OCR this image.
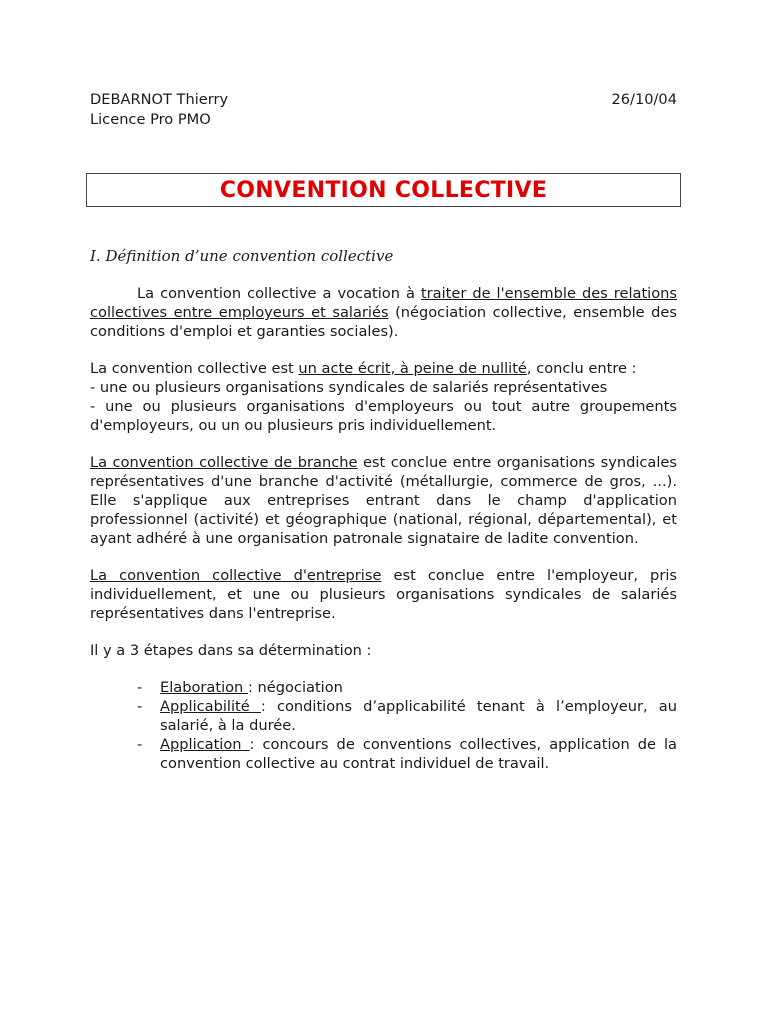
DEBARNOT Thierry
Licence Pro PMO
26/10/04
CONVENTION COLLECTIVE
I. Définition d’une convention collective

La convention collective a vocation à traiter de l'ensemble des relations collectives entre employeurs et salariés (négociation collective, ensemble des conditions d'emploi et garanties sociales).

La convention collective est un acte écrit, à peine de nullité, conclu entre :

- une ou plusieurs organisations syndicales de salariés représentatives

- une ou plusieurs organisations d'employeurs ou tout autre groupements d'employeurs, ou un ou plusieurs pris individuellement.

La convention collective de branche est conclue entre organisations syndicales représentatives d'une branche d'activité (métallurgie, commerce de gros, ...). Elle s'applique aux entreprises entrant dans le champ d'application professionnel (activité) et géographique (national, régional, départemental), et ayant adhéré à une organisation patronale signataire de ladite convention.

La convention collective d'entreprise est conclue entre l'employeur, pris individuellement, et une ou plusieurs organisations syndicales de salariés représentatives dans l'entreprise.

Il y a 3 étapes dans sa détermination :

- Elaboration : négociation
- Applicabilité : conditions d’applicabilité tenant à l’employeur, au salarié, à la durée.
- Application : concours de conventions collectives, application de la convention collective au contrat individuel de travail.
